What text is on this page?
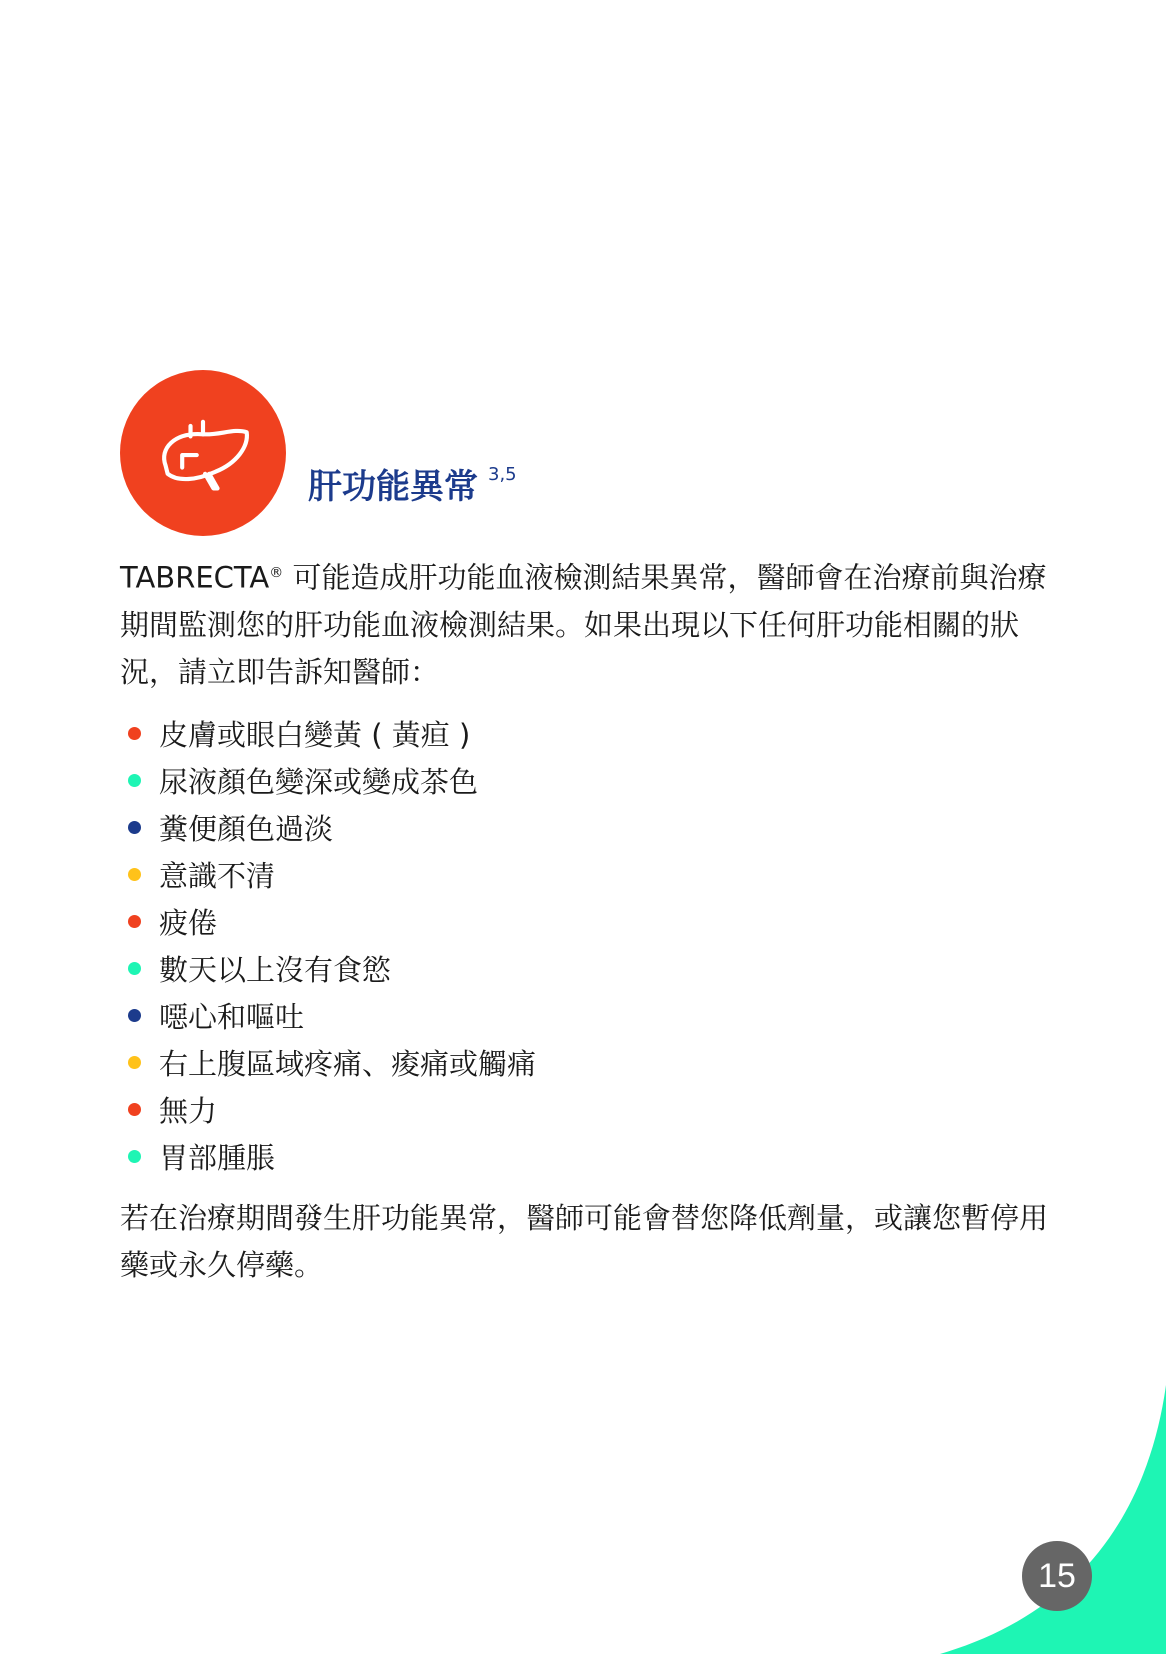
肝功能異常 $^{3,5}$

TABRECTA® 可能造成肝功能血液檢測結果異常，醫師會在治療前與治療期間監測您的肝功能血液檢測結果。如果出現以下任何肝功能相關的狀況，請立即告訴知醫師：

皮膚或眼白變黃 ( 黃疸 )
尿液顏色變深或變成茶色
糞便顏色過淡
意識不清
疲倦
數天以上沒有食慾
噁心和嘔吐
右上腹區域疼痛、痠痛或觸痛
無力
胃部腫脹

若在治療期間發生肝功能異常，醫師可能會替您降低劑量，或讓您暫停用藥或永久停藥。

15
